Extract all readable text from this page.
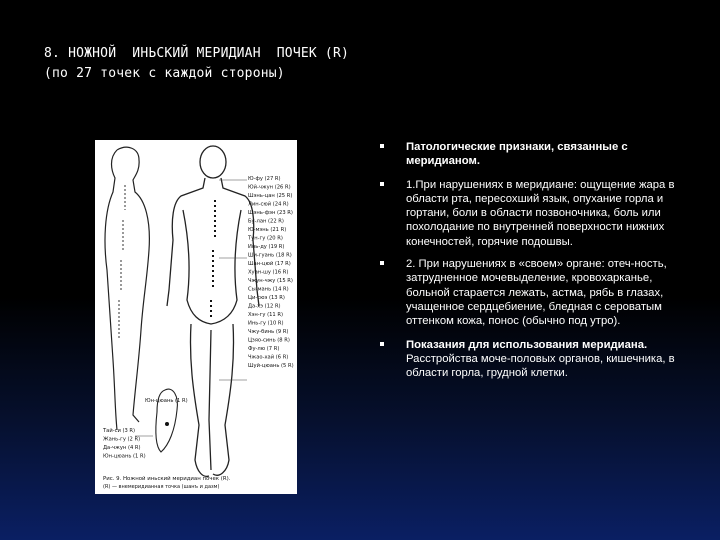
8. НОЖНОЙ  ИНЬСКИЙ МЕРИДИАН  ПОЧЕК (R)
(по 27 точек с каждой стороны)
Ю-фу (27 R)
Юй-чжун (26 R)
Шэнь-цан (25 R)
Лин-сюй (24 R)
Шэнь-фэн (23 R)
Бу-лан (22 R)
Ю-мэнь (21 R)
Тун-гу (20 R)
Инь-ду (19 R)
Ши-гуань (18 R)
Шан-цюй (17 R)
Хуан-шу (16 R)
Чжун-чжу (15 R)
Сы-мань (14 R)
Ци-сюэ (13 R)
Да-хэ (12 R)
Хэн-гу (11 R)
Инь-гу (10 R)
Чжу-бинь (9 R)
Цзяо-синь (8 R)
Фу-лю (7 R)
Чжао-хай (6 R)
Шуй-цюань (5 R)
Тай-си (3 R)
Жань-гу (2 R)
Да-чжун (4 R)
Юн-цюань (1 R)
Юн-цюань (1 R)
Рис. 9. Ножной иньский меридиан почек (R).
(R) — внемеридианная точка (шанъ и дазм)
Патологические признаки, связанные с меридианом.
1.При нарушениях в меридиане: ощущение жара в области рта, пересохший язык, опухание горла и гортани, боли в области позвоночника, боль или похолодание по внутренней поверхности нижних конечностей, горячие подошвы.
2. При нарушениях в «своем» органе: отеч-ность, затрудненное мочевыделение, кровохарканье, больной старается лежать, астма, рябь в глазах, учащенное сердцебиение, бледная с сероватым оттенком кожа, понос (обычно под утро).
Показания для использования меридиана. Расстройства моче-половых органов, кишечника, в области горла, грудной клетки.
